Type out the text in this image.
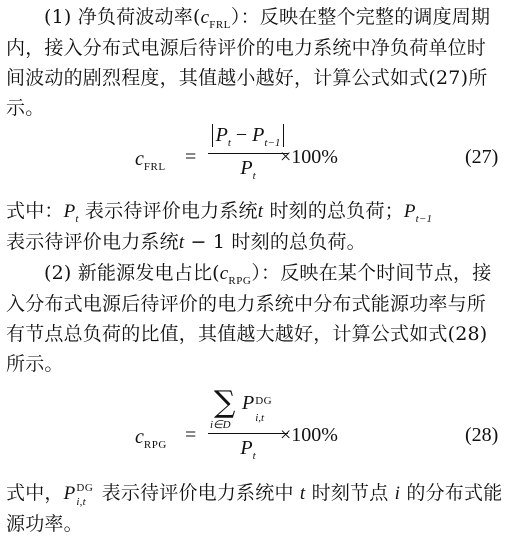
(1) 净负荷波动率$(c_{FRL})$：反映在整个完整的调度周期内，接入分布式电源后待评价的电力系统中净负荷单位时间波动的剧烈程度，其值越小越好，计算公式如式(27)所示。
$c_{FRL}$ =
$P_t - P_{t-1}$
$P_t$
×100%	(27)
式中：$P_t$ 表示待评价电力系统t 时刻的总负荷；$P_{t-1}$
表示待评价电力系统t − 1 时刻的总负荷。
(2) 新能源发电占比$(c_{RPG})$：反映在某个时间节点，接入分布式电源后待评价的电力系统中分布式能源功率与所有节点总负荷的比值，其值越大越好，计算公式如式(28)所示。
$c_{RPG}$ =
∑
i∈D
P DG
i,t
$P_t$
×100%	(28)
式中，P DG
i,t 表示待评价电力系统中 t 时刻节点 i 的分布式能源功率。
